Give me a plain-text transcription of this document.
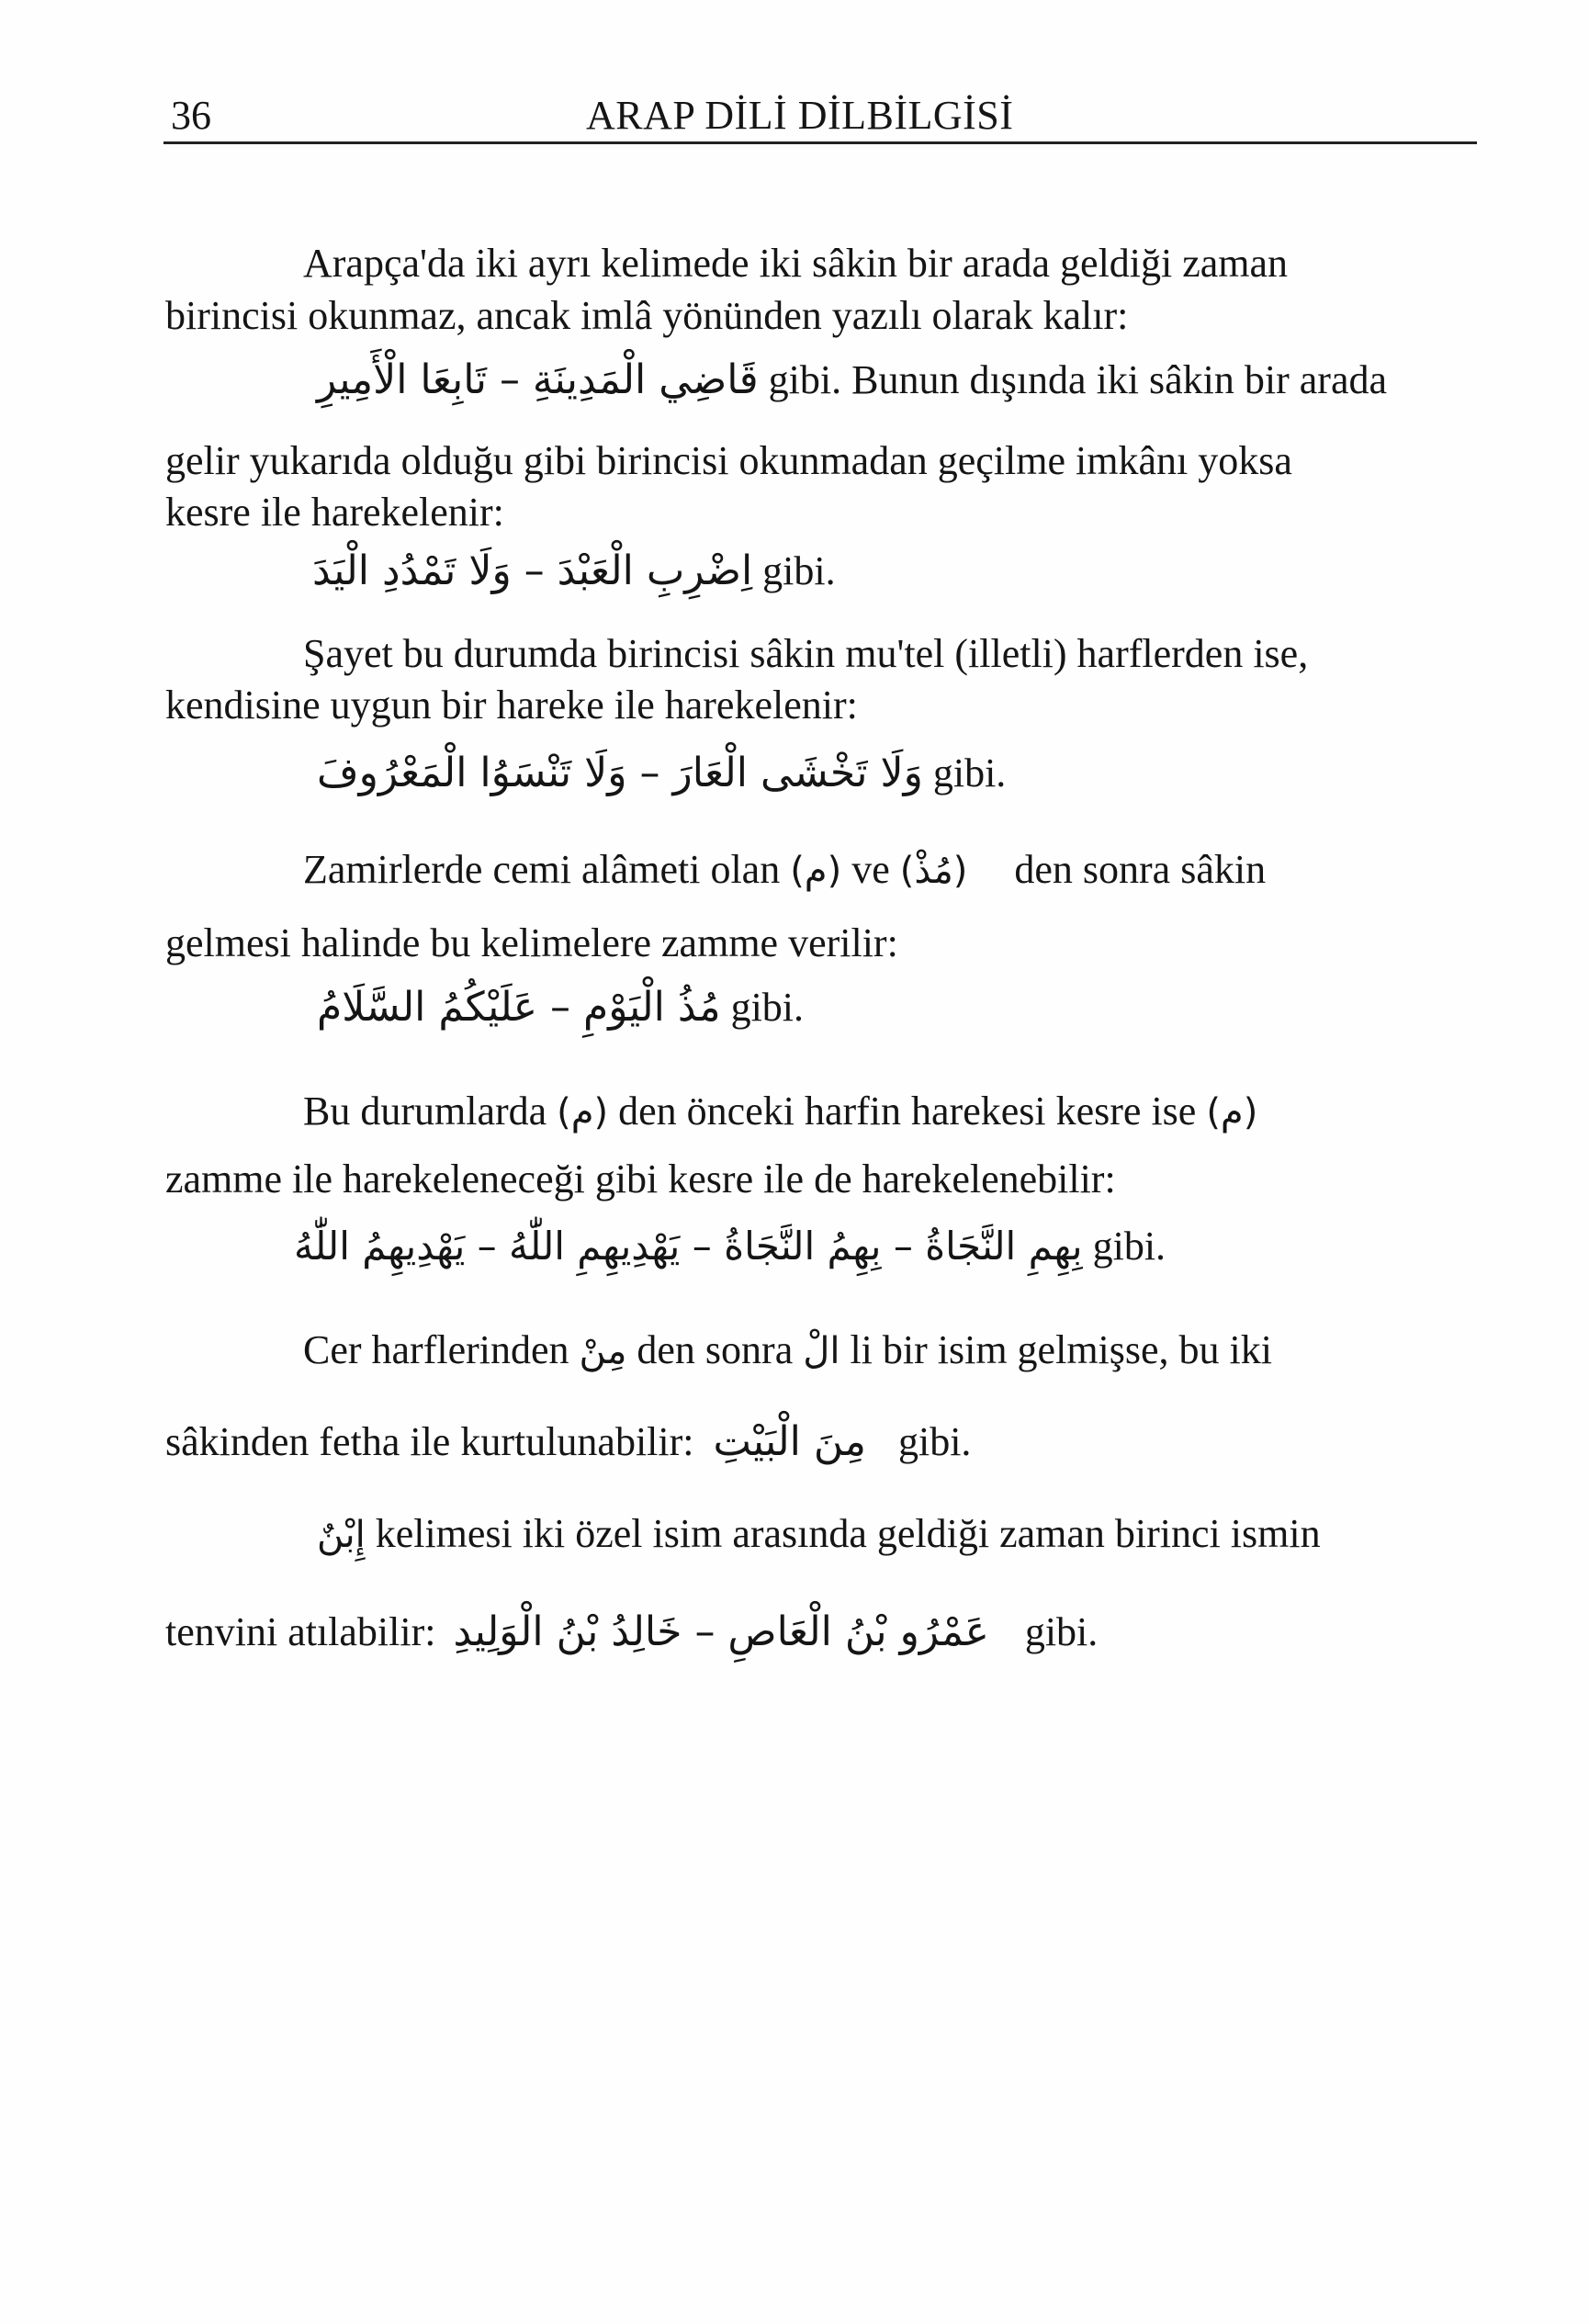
36	ARAP DİLİ DİLBİLGİSİ
Arapça'da iki ayrı kelimede iki sâkin bir arada geldiği zaman
birincisi okunmaz, ancak imlâ yönünden yazılı olarak kalır:
قَاضِي الْمَدِينَةِ – تَابِعَا الْأَمِيرِ gibi. Bunun dışında iki sâkin bir arada
gelir yukarıda olduğu gibi birincisi okunmadan geçilme imkânı yoksa
kesre ile harekelenir:
اِضْرِبِ الْعَبْدَ – وَلَا تَمْدُدِ الْيَدَ gibi.
Şayet bu durumda birincisi sâkin mu'tel (illetli) harflerden ise,
kendisine uygun bir hareke ile harekelenir:
وَلَا تَخْشَى الْعَارَ – وَلَا تَنْسَوُا الْمَعْرُوفَ gibi.
Zamirlerde cemi alâmeti olan (م) ve (مُذْ) den sonra sâkin
gelmesi halinde bu kelimelere zamme verilir:
مُذُ الْيَوْمِ – عَلَيْكُمُ السَّلَامُ gibi.
Bu durumlarda (م) den önceki harfin harekesi kesre ise (م)
zamme ile harekeleneceği gibi kesre ile de harekelenebilir:
بِهِمِ النَّجَاةُ – بِهِمُ النَّجَاةُ – يَهْدِيهِمِ اللّٰهُ – يَهْدِيهِمُ اللّٰهُ gibi.
Cer harflerinden مِنْ den sonra الْ li bir isim gelmişse, bu iki
sâkinden fetha ile kurtulunabilir: مِنَ الْبَيْتِ gibi.
إِبْنٌ kelimesi iki özel isim arasında geldiği zaman birinci ismin
tenvini atılabilir: عَمْرُو بْنُ الْعَاصِ – خَالِدُ بْنُ الْوَلِيدِ gibi.
